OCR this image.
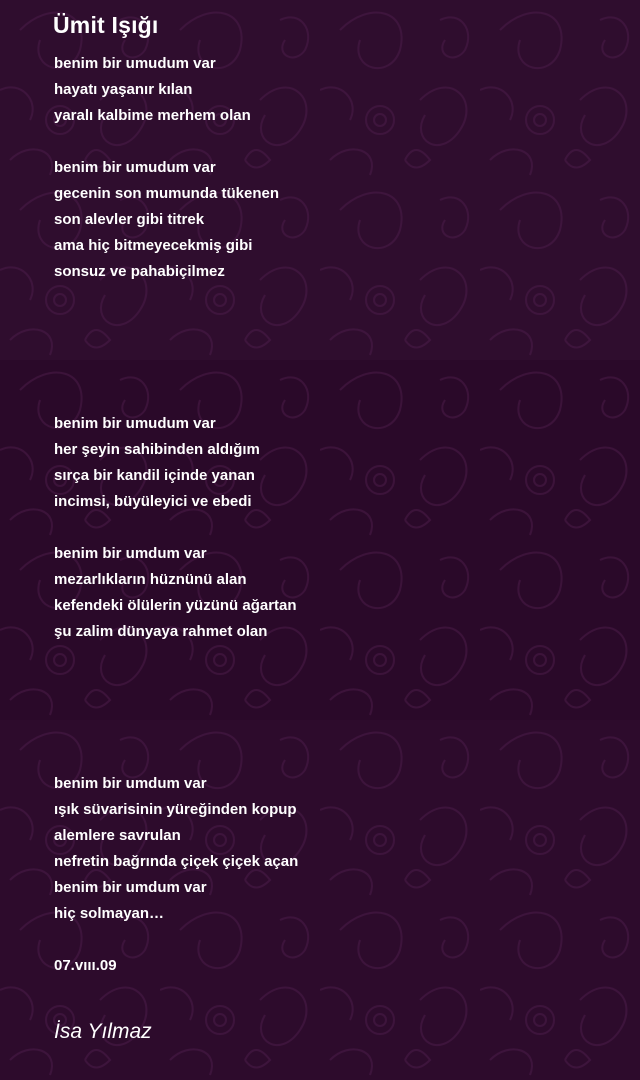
Ümit Işığı
benim bir umudum var
hayatı yaşanır kılan
yaralı kalbime merhem olan
benim bir umudum var
gecenin son mumunda tükenen
son alevler gibi titrek
ama hiç bitmeyecekmiş gibi
sonsuz ve pahabiçilmez
benim bir umudum var
her şeyin sahibinden aldığım
sırça bir kandil içinde yanan
incimsi, büyüleyici ve ebedi
benim bir umdum var
mezarlıkların hüznünü alan
kefendeki ölülerin yüzünü ağartan
şu zalim dünyaya rahmet olan
benim bir umdum var
ışık süvarisinin yüreğinden kopup
alemlere savrulan
nefretin bağrında çiçek çiçek açan
benim bir umdum var
hiç solmayan…
07.vııı.09
İsa Yılmaz
